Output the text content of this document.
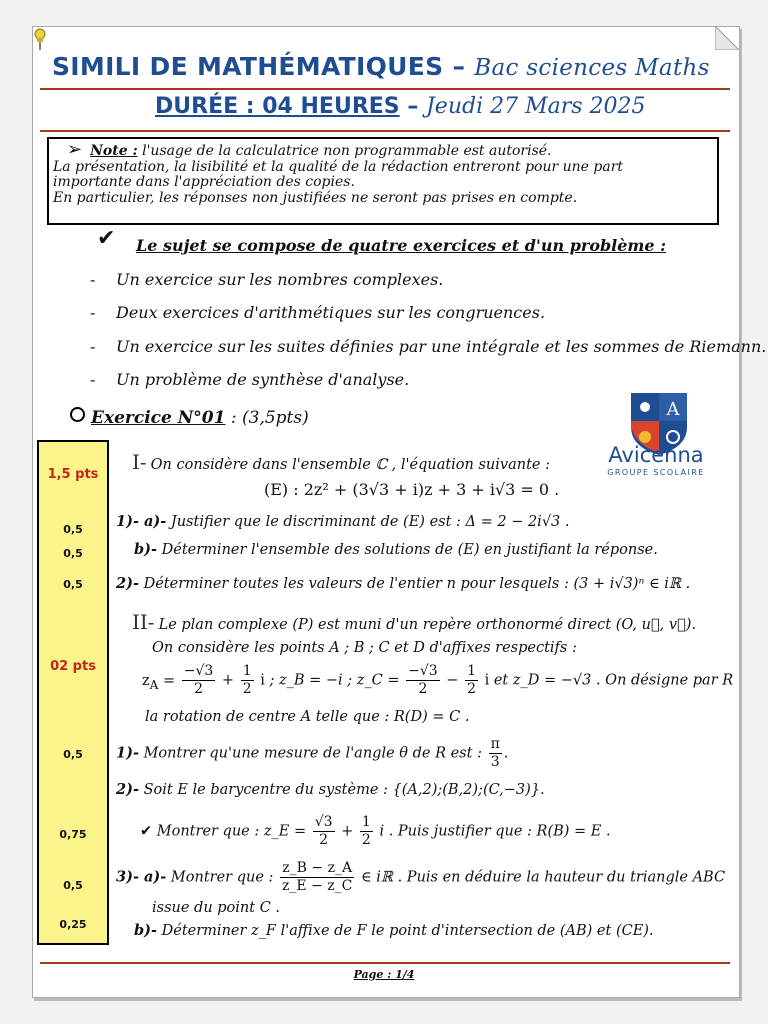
SIMILI DE MATHÉMATIQUES – Bac sciences Maths
DURÉE : 04 HEURES – Jeudi 27 Mars 2025
➢ Note : l'usage de la calculatrice non programmable est autorisé.
La présentation, la lisibilité et la qualité de la rédaction entreront pour une part
importante dans l'appréciation des copies.
En particulier, les réponses non justifiées ne seront pas prises en compte.
✔ Le sujet se compose de quatre exercices et d'un problème :
- Un exercice sur les nombres complexes.
- Deux exercices d'arithmétiques sur les congruences.
- Un exercice sur les suites définies par une intégrale et les sommes de Riemann.
- Un problème de synthèse d'analyse.
Exercice N°01 : (3,5pts)	A
Avicenna
GROUPE SCOLAIRE
1,5 pts
0,5
0,5
0,5
02 pts
0,5
0,75
0,5
0,25
I- On considère dans l'ensemble ℂ , l'équation suivante :
(E) : 2z² + (3√3 + i)z + 3 + i√3 = 0 .
1)- a)- Justifier que le discriminant de (E) est : Δ = 2 − 2i√3 .
b)- Déterminer l'ensemble des solutions de (E) en justifiant la réponse.
2)- Déterminer toutes les valeurs de l'entier n pour lesquels : (3 + i√3)ⁿ ∈ iℝ .
II- Le plan complexe (P) est muni d'un repère orthonormé direct (O, u⃗, v⃗).
On considère les points A ; B ; C et D d'affixes respectifs :
$z_A = \frac{-√3}{2} + \frac{1}{2}$ i ; z_B = −i ; z_C = $\frac{-√3}{2} - \frac{1}{2}$ i et z_D = −√3 . On désigne par R
la rotation de centre A telle que : R(D) = C .
1)- Montrer qu'une mesure de l'angle θ de R est : $\frac{\pi}{3}$ .
2)- Soit E le barycentre du système : {(A,2);(B,2);(C,−3)}.
✔ Montrer que : z_E = $\frac{√3}{2} + \frac{1}{2}$ i . Puis justifier que : R(B) = E .
3)- a)- Montrer que : $\frac{z\_B - z\_A}{z\_E - z\_C}$ ∈ iℝ . Puis en déduire la hauteur du triangle ABC
issue du point C .
b)- Déterminer z_F l'affixe de F le point d'intersection de (AB) et (CE).
Page : 1/4
